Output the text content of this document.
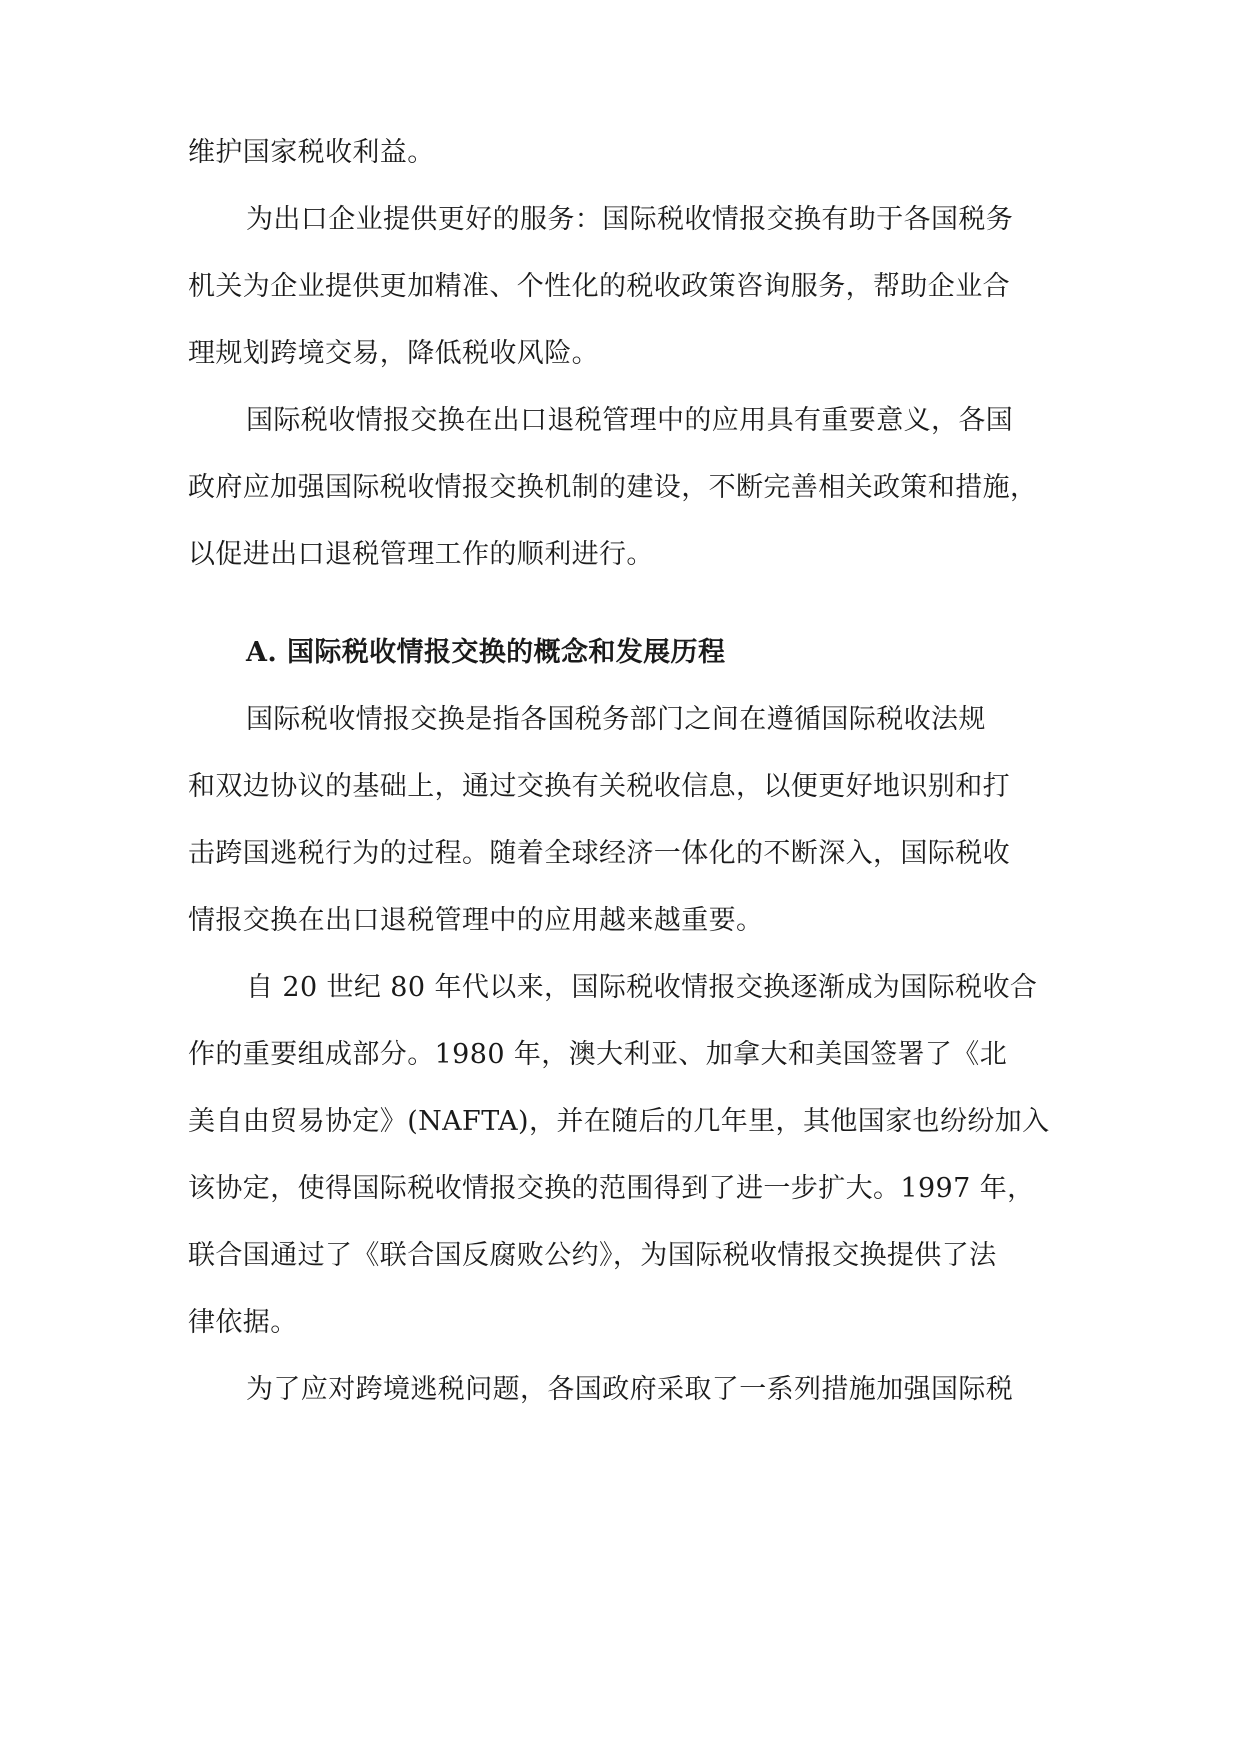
维护国家税收利益。
为出口企业提供更好的服务：国际税收情报交换有助于各国税务
机关为企业提供更加精准、个性化的税收政策咨询服务，帮助企业合
理规划跨境交易，降低税收风险。
国际税收情报交换在出口退税管理中的应用具有重要意义，各国
政府应加强国际税收情报交换机制的建设，不断完善相关政策和措施，
以促进出口退税管理工作的顺利进行。
A. 国际税收情报交换的概念和发展历程
国际税收情报交换是指各国税务部门之间在遵循国际税收法规
和双边协议的基础上，通过交换有关税收信息，以便更好地识别和打
击跨国逃税行为的过程。随着全球经济一体化的不断深入，国际税收
情报交换在出口退税管理中的应用越来越重要。
自 20 世纪 80 年代以来，国际税收情报交换逐渐成为国际税收合
作的重要组成部分。1980 年，澳大利亚、加拿大和美国签署了《北
美自由贸易协定》(NAFTA)，并在随后的几年里，其他国家也纷纷加入
该协定，使得国际税收情报交换的范围得到了进一步扩大。1997 年，
联合国通过了《联合国反腐败公约》，为国际税收情报交换提供了法
律依据。
为了应对跨境逃税问题，各国政府采取了一系列措施加强国际税
